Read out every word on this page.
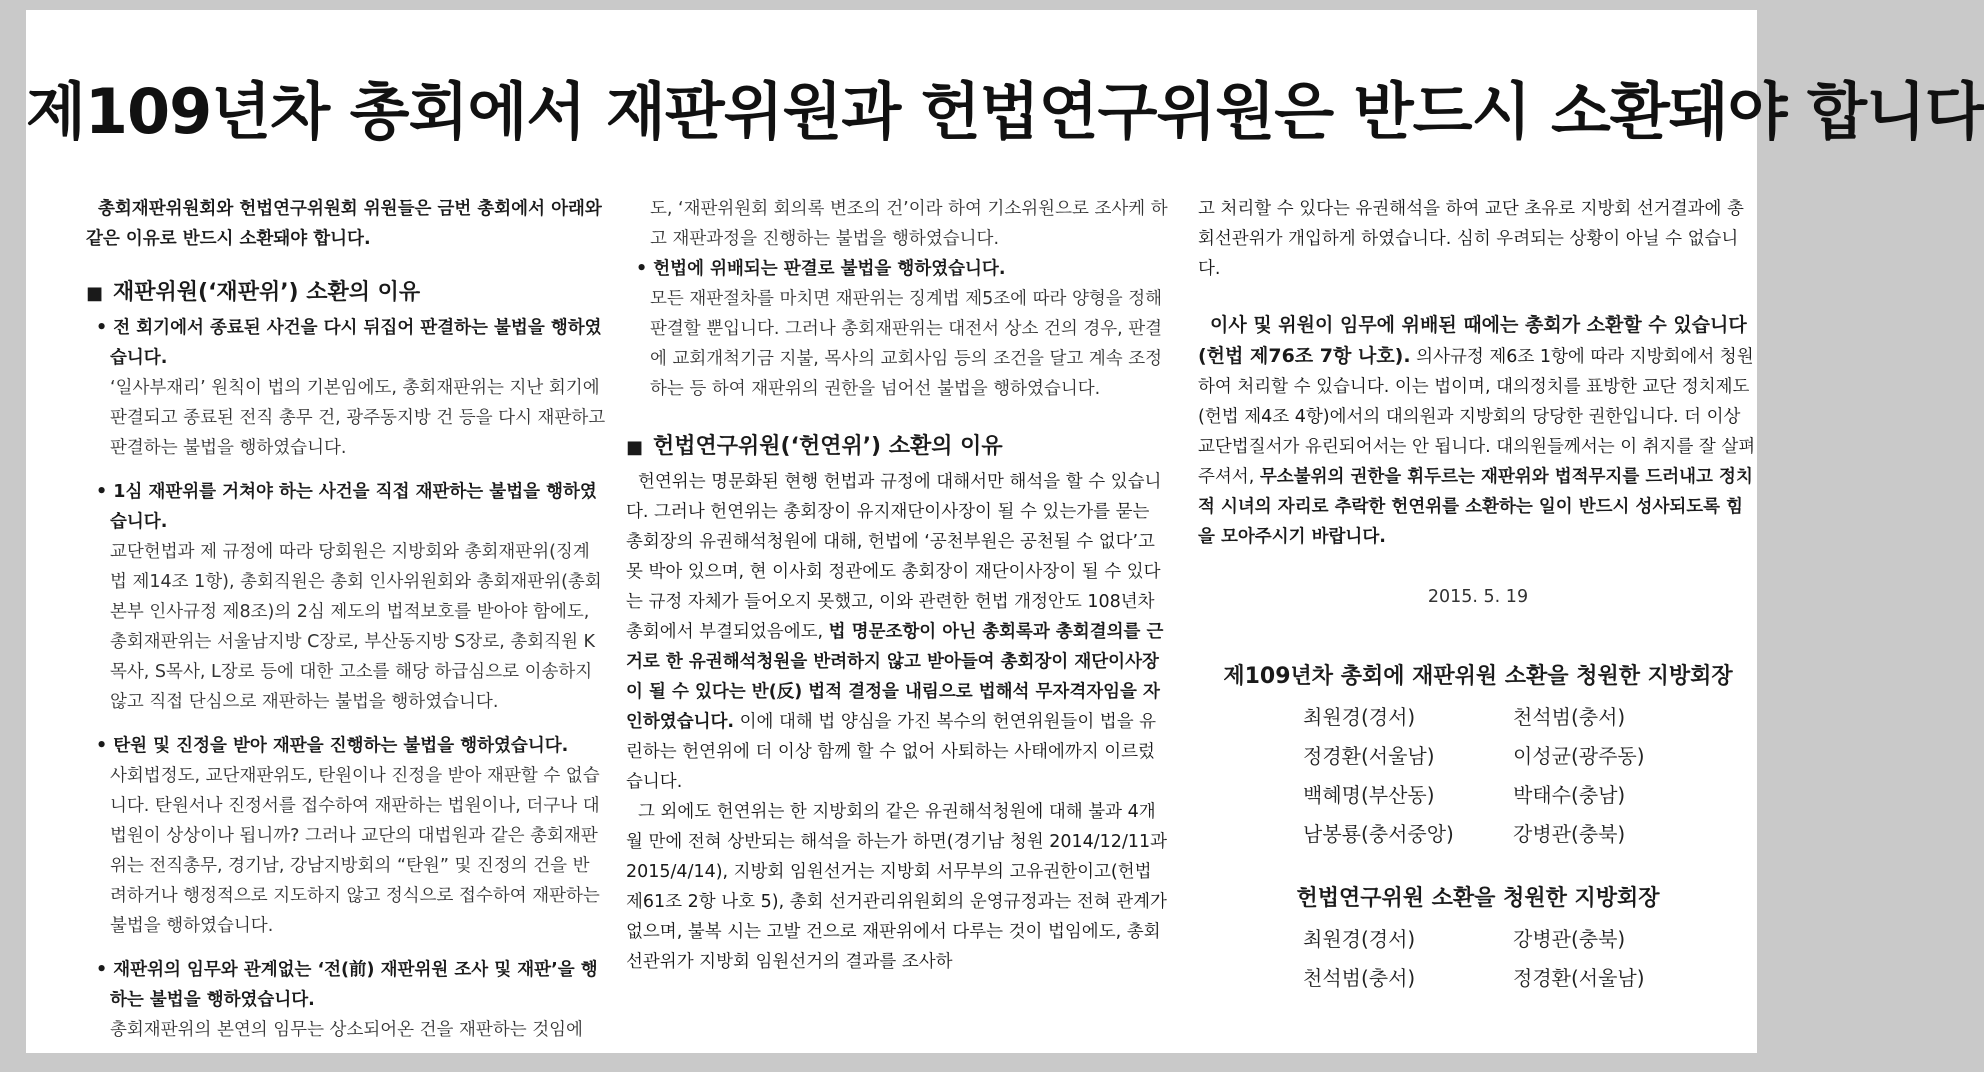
제109년차 총회에서 재판위원과 헌법연구위원은 반드시 소환돼야 합니다

총회재판위원회와 헌법연구위원회 위원들은 금번 총회에서 아래와 같은 이유로 반드시 소환돼야 합니다.

■ 재판위원(‘재판위’) 소환의 이유

• 전 회기에서 종료된 사건을 다시 뒤집어 판결하는 불법을 행하였습니다.

‘일사부재리’ 원칙이 법의 기본임에도, 총회재판위는 지난 회기에 판결되고 종료된 전직 총무 건, 광주동지방 건 등을 다시 재판하고 판결하는 불법을 행하였습니다.

• 1심 재판위를 거쳐야 하는 사건을 직접 재판하는 불법을 행하였습니다.

교단헌법과 제 규정에 따라 당회원은 지방회와 총회재판위(징계법 제14조 1항), 총회직원은 총회 인사위원회와 총회재판위(총회본부 인사규정 제8조)의 2심 제도의 법적보호를 받아야 함에도, 총회재판위는 서울남지방 C장로, 부산동지방 S장로, 총회직원 K목사, S목사, L장로 등에 대한 고소를 해당 하급심으로 이송하지 않고 직접 단심으로 재판하는 불법을 행하였습니다.

• 탄원 및 진정을 받아 재판을 진행하는 불법을 행하였습니다.

사회법정도, 교단재판위도, 탄원이나 진정을 받아 재판할 수 없습니다. 탄원서나 진정서를 접수하여 재판하는 법원이나, 더구나 대법원이 상상이나 됩니까? 그러나 교단의 대법원과 같은 총회재판위는 전직총무, 경기남, 강남지방회의 “탄원” 및 진정의 건을 반려하거나 행정적으로 지도하지 않고 정식으로 접수하여 재판하는 불법을 행하였습니다.

• 재판위의 임무와 관계없는 ‘전(前) 재판위원 조사 및 재판’을 행하는 불법을 행하였습니다.

총회재판위의 본연의 임무는 상소되어온 건을 재판하는 것임에

도, ‘재판위원회 회의록 변조의 건’이라 하여 기소위원으로 조사케 하고 재판과정을 진행하는 불법을 행하였습니다.

• 헌법에 위배되는 판결로 불법을 행하였습니다.

모든 재판절차를 마치면 재판위는 징계법 제5조에 따라 양형을 정해 판결할 뿐입니다. 그러나 총회재판위는 대전서 상소 건의 경우, 판결에 교회개척기금 지불, 목사의 교회사임 등의 조건을 달고 계속 조정하는 등 하여 재판위의 권한을 넘어선 불법을 행하였습니다.

■ 헌법연구위원(‘헌연위’) 소환의 이유

헌연위는 명문화된 현행 헌법과 규정에 대해서만 해석을 할 수 있습니다. 그러나 헌연위는 총회장이 유지재단이사장이 될 수 있는가를 묻는 총회장의 유권해석청원에 대해, 헌법에 ‘공천부원은 공천될 수 없다’고 못 박아 있으며, 현 이사회 정관에도 총회장이 재단이사장이 될 수 있다는 규정 자체가 들어오지 못했고, 이와 관련한 헌법 개정안도 108년차 총회에서 부결되었음에도, 법 명문조항이 아닌 총회록과 총회결의를 근거로 한 유권해석청원을 반려하지 않고 받아들여 총회장이 재단이사장이 될 수 있다는 반(反) 법적 결정을 내림으로 법해석 무자격자임을 자인하였습니다. 이에 대해 법 양심을 가진 복수의 헌연위원들이 법을 유린하는 헌연위에 더 이상 함께 할 수 없어 사퇴하는 사태에까지 이르렀습니다.

그 외에도 헌연위는 한 지방회의 같은 유권해석청원에 대해 불과 4개월 만에 전혀 상반되는 해석을 하는가 하면(경기남 청원 2014/12/11과 2015/4/14), 지방회 임원선거는 지방회 서무부의 고유권한이고(헌법 제61조 2항 나호 5), 총회 선거관리위원회의 운영규정과는 전혀 관계가 없으며, 불복 시는 고발 건으로 재판위에서 다루는 것이 법임에도, 총회선관위가 지방회 임원선거의 결과를 조사하

고 처리할 수 있다는 유권해석을 하여 교단 초유로 지방회 선거결과에 총회선관위가 개입하게 하였습니다. 심히 우려되는 상황이 아닐 수 없습니다.

이사 및 위원이 임무에 위배된 때에는 총회가 소환할 수 있습니다(헌법 제76조 7항 나호). 의사규정 제6조 1항에 따라 지방회에서 청원하여 처리할 수 있습니다. 이는 법이며, 대의정치를 표방한 교단 정치제도(헌법 제4조 4항)에서의 대의원과 지방회의 당당한 권한입니다. 더 이상 교단법질서가 유린되어서는 안 됩니다. 대의원들께서는 이 취지를 잘 살펴주셔서, 무소불위의 권한을 휘두르는 재판위와 법적무지를 드러내고 정치적 시녀의 자리로 추락한 헌연위를 소환하는 일이 반드시 성사되도록 힘을 모아주시기 바랍니다.

2015. 5. 19
제109년차 총회에 재판위원 소환을 청원한 지방회장
최원경(경서)	천석범(충서)
정경환(서울남)	이성균(광주동)
백혜명(부산동)	박태수(충남)
남봉룡(충서중앙)	강병관(충북)
헌법연구위원 소환을 청원한 지방회장
최원경(경서)	강병관(충북)
천석범(충서)	정경환(서울남)
